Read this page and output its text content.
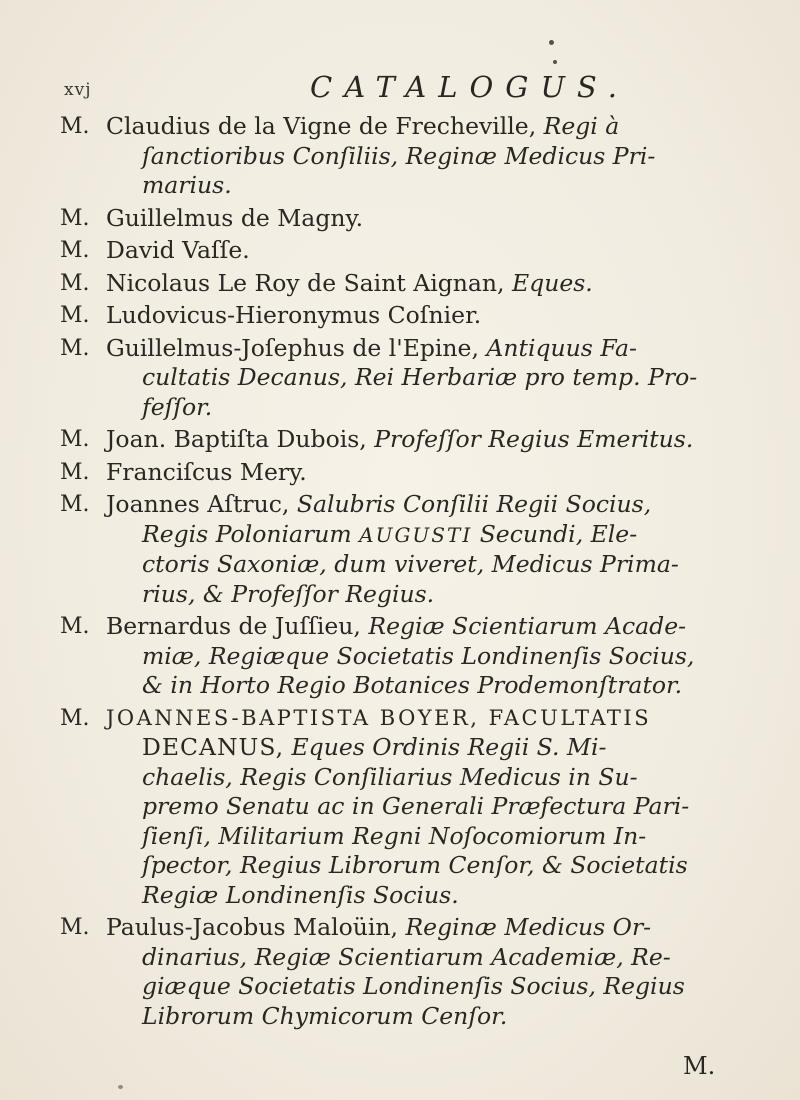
xvj	CATALOGUS.
M. Claudius de la Vigne de Frecheville, Regi à
ſanctioribus Conſiliis, Reginæ Medicus Pri-
marius.
M. Guillelmus de Magny.
M. David Vaſſe.
M. Nicolaus Le Roy de Saint Aignan, Eques.
M. Ludovicus-Hieronymus Coſnier.
M. Guillelmus-Joſephus de l'Epine, Antiquus Fa-
cultatis Decanus, Rei Herbariæ pro temp. Pro-
feſſor.
M. Joan. Baptiſta Dubois, Profeſſor Regius Emeritus.
M. Franciſcus Mery.
M. Joannes Aſtruc, Salubris Conſilii Regii Socius,
Regis Poloniarum AUGUSTI Secundi, Ele-
ctoris Saxoniæ, dum viveret, Medicus Prima-
rius, & Profeſſor Regius.
M. Bernardus de Juſſieu, Regiæ Scientiarum Acade-
miæ, Regiæque Societatis Londinenſis Socius,
& in Horto Regio Botanices Prodemonſtrator.
M. JOANNES-BAPTISTA BOYER, FACULTATIS
DECANUS, Eques Ordinis Regii S. Mi-
chaelis, Regis Conſiliarius Medicus in Su-
premo Senatu ac in Generali Præfectura Pari-
ſienſi, Militarium Regni Noſocomiorum In-
ſpector, Regius Librorum Cenſor, & Societatis
Regiæ Londinenſis Socius.
M. Paulus-Jacobus Maloüin, Reginæ Medicus Or-
dinarius, Regiæ Scientiarum Academiæ, Re-
giæque Societatis Londinenſis Socius, Regius
Librorum Chymicorum Cenſor.
M.
